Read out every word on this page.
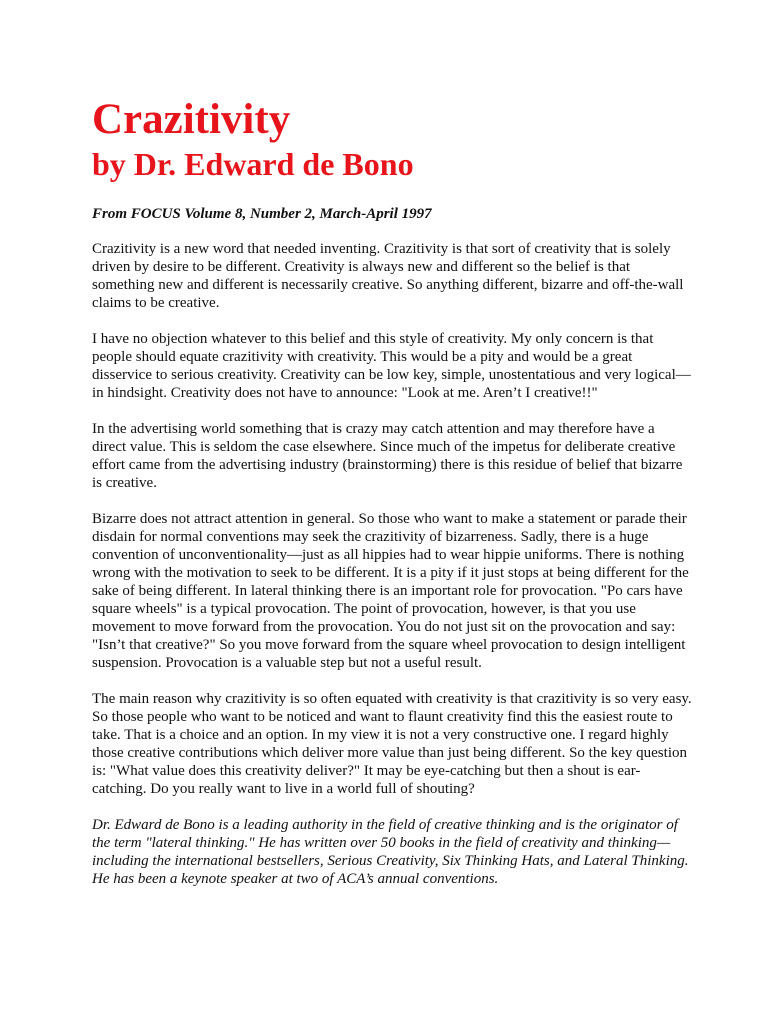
Crazitivity
by Dr. Edward de Bono

From FOCUS Volume 8, Number 2, March-April 1997

Crazitivity is a new word that needed inventing. Crazitivity is that sort of creativity that is solely driven by desire to be different. Creativity is always new and different so the belief is that something new and different is necessarily creative. So anything different, bizarre and off-the-wall claims to be creative.

I have no objection whatever to this belief and this style of creativity. My only concern is that people should equate crazitivity with creativity. This would be a pity and would be a great disservice to serious creativity. Creativity can be low key, simple, unostentatious and very logical—in hindsight. Creativity does not have to announce: "Look at me. Aren’t I creative!!"

In the advertising world something that is crazy may catch attention and may therefore have a direct value. This is seldom the case elsewhere. Since much of the impetus for deliberate creative effort came from the advertising industry (brainstorming) there is this residue of belief that bizarre is creative.

Bizarre does not attract attention in general. So those who want to make a statement or parade their disdain for normal conventions may seek the crazitivity of bizarreness. Sadly, there is a huge convention of unconventionality—just as all hippies had to wear hippie uniforms. There is nothing wrong with the motivation to seek to be different. It is a pity if it just stops at being different for the sake of being different. In lateral thinking there is an important role for provocation. "Po cars have square wheels" is a typical provocation. The point of provocation, however, is that you use movement to move forward from the provocation. You do not just sit on the provocation and say: "Isn’t that creative?" So you move forward from the square wheel provocation to design intelligent suspension. Provocation is a valuable step but not a useful result.

The main reason why crazitivity is so often equated with creativity is that crazitivity is so very easy. So those people who want to be noticed and want to flaunt creativity find this the easiest route to take. That is a choice and an option. In my view it is not a very constructive one. I regard highly those creative contributions which deliver more value than just being different. So the key question is: "What value does this creativity deliver?" It may be eye-catching but then a shout is ear-catching. Do you really want to live in a world full of shouting?

Dr. Edward de Bono is a leading authority in the field of creative thinking and is the originator of the term "lateral thinking." He has written over 50 books in the field of creativity and thinking—including the international bestsellers, Serious Creativity, Six Thinking Hats, and Lateral Thinking. He has been a keynote speaker at two of ACA’s annual conventions.
